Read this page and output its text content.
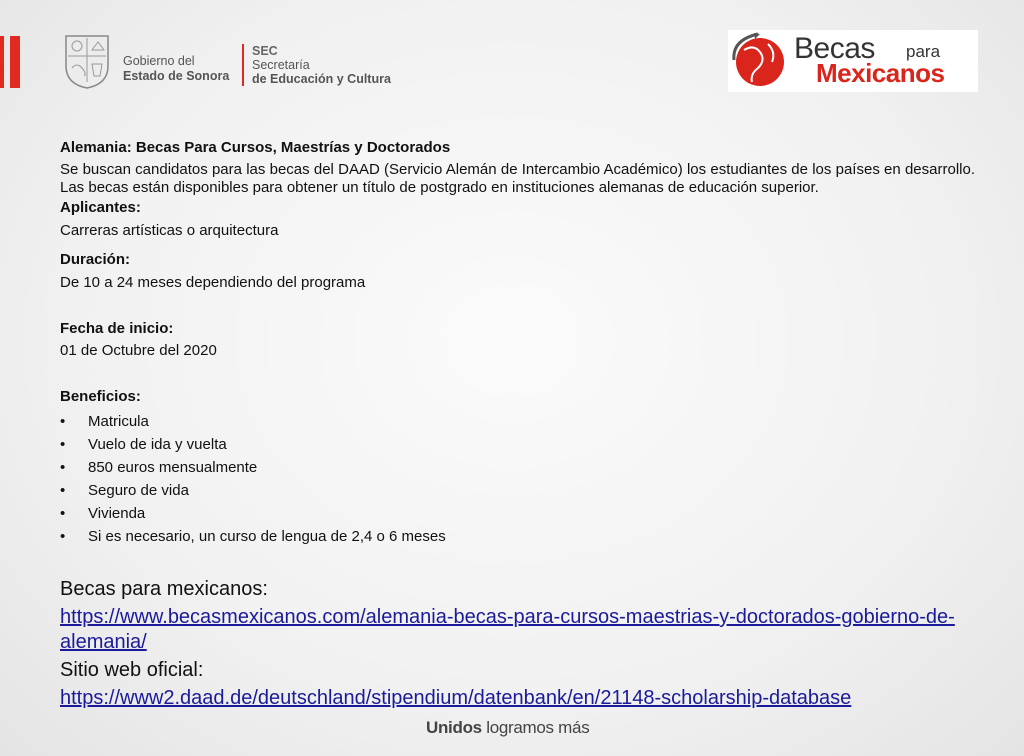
Gobierno del
Estado de Sonora
SEC
Secretaría
de Educación y Cultura
Becas para
Mexicanos

Alemania: Becas Para Cursos, Maestrías y Doctorados

Se buscan candidatos para las becas del DAAD (Servicio Alemán de Intercambio Académico) los estudiantes de los países en desarrollo. Las becas están disponibles para obtener un título de postgrado en instituciones alemanas de educación superior.

Aplicantes:

Carreras artísticas o arquitectura

Duración:

De 10 a 24 meses dependiendo del programa

Fecha de inicio:

01 de Octubre del 2020

Beneficios:

• Matricula
• Vuelo de ida y vuelta
• 850 euros mensualmente
• Seguro de vida
• Vivienda
• Si es necesario, un curso de lengua de 2,4 o 6 meses

Becas para mexicanos:

https://www.becasmexicanos.com/alemania-becas-para-cursos-maestrias-y-doctorados-gobierno-de-alemania/

Sitio web oficial:

https://www2.daad.de/deutschland/stipendium/datenbank/en/21148-scholarship-database

Unidos logramos más
